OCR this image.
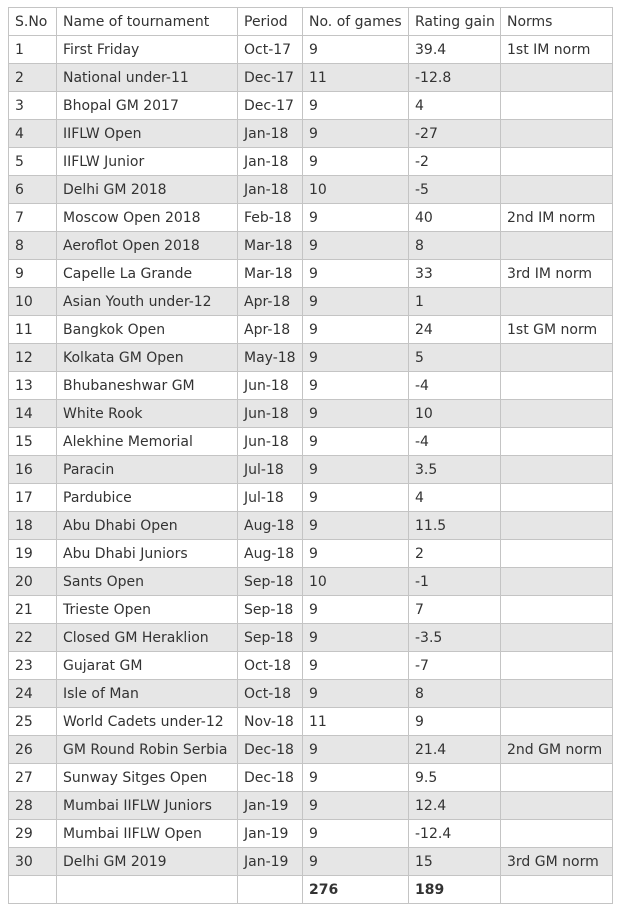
S.No	Name of tournament	Period	No. of games	Rating gain	Norms
1	First Friday	Oct-17	9	39.4	1st IM norm
2	National under-11	Dec-17	11	-12.8	
3	Bhopal GM 2017	Dec-17	9	4	
4	IIFLW Open	Jan-18	9	-27	
5	IIFLW Junior	Jan-18	9	-2	
6	Delhi GM 2018	Jan-18	10	-5	
7	Moscow Open 2018	Feb-18	9	40	2nd IM norm
8	Aeroflot Open 2018	Mar-18	9	8	
9	Capelle La Grande	Mar-18	9	33	3rd IM norm
10	Asian Youth under-12	Apr-18	9	1	
11	Bangkok Open	Apr-18	9	24	1st GM norm
12	Kolkata GM Open	May-18	9	5	
13	Bhubaneshwar GM	Jun-18	9	-4	
14	White Rook	Jun-18	9	10	
15	Alekhine Memorial	Jun-18	9	-4	
16	Paracin	Jul-18	9	3.5	
17	Pardubice	Jul-18	9	4	
18	Abu Dhabi Open	Aug-18	9	11.5	
19	Abu Dhabi Juniors	Aug-18	9	2	
20	Sants Open	Sep-18	10	-1	
21	Trieste Open	Sep-18	9	7	
22	Closed GM Heraklion	Sep-18	9	-3.5	
23	Gujarat GM	Oct-18	9	-7	
24	Isle of Man	Oct-18	9	8	
25	World Cadets under-12	Nov-18	11	9	
26	GM Round Robin Serbia	Dec-18	9	21.4	2nd GM norm
27	Sunway Sitges Open	Dec-18	9	9.5	
28	Mumbai IIFLW Juniors	Jan-19	9	12.4	
29	Mumbai IIFLW Open	Jan-19	9	-12.4	
30	Delhi GM 2019	Jan-19	9	15	3rd GM norm
			276	189	
